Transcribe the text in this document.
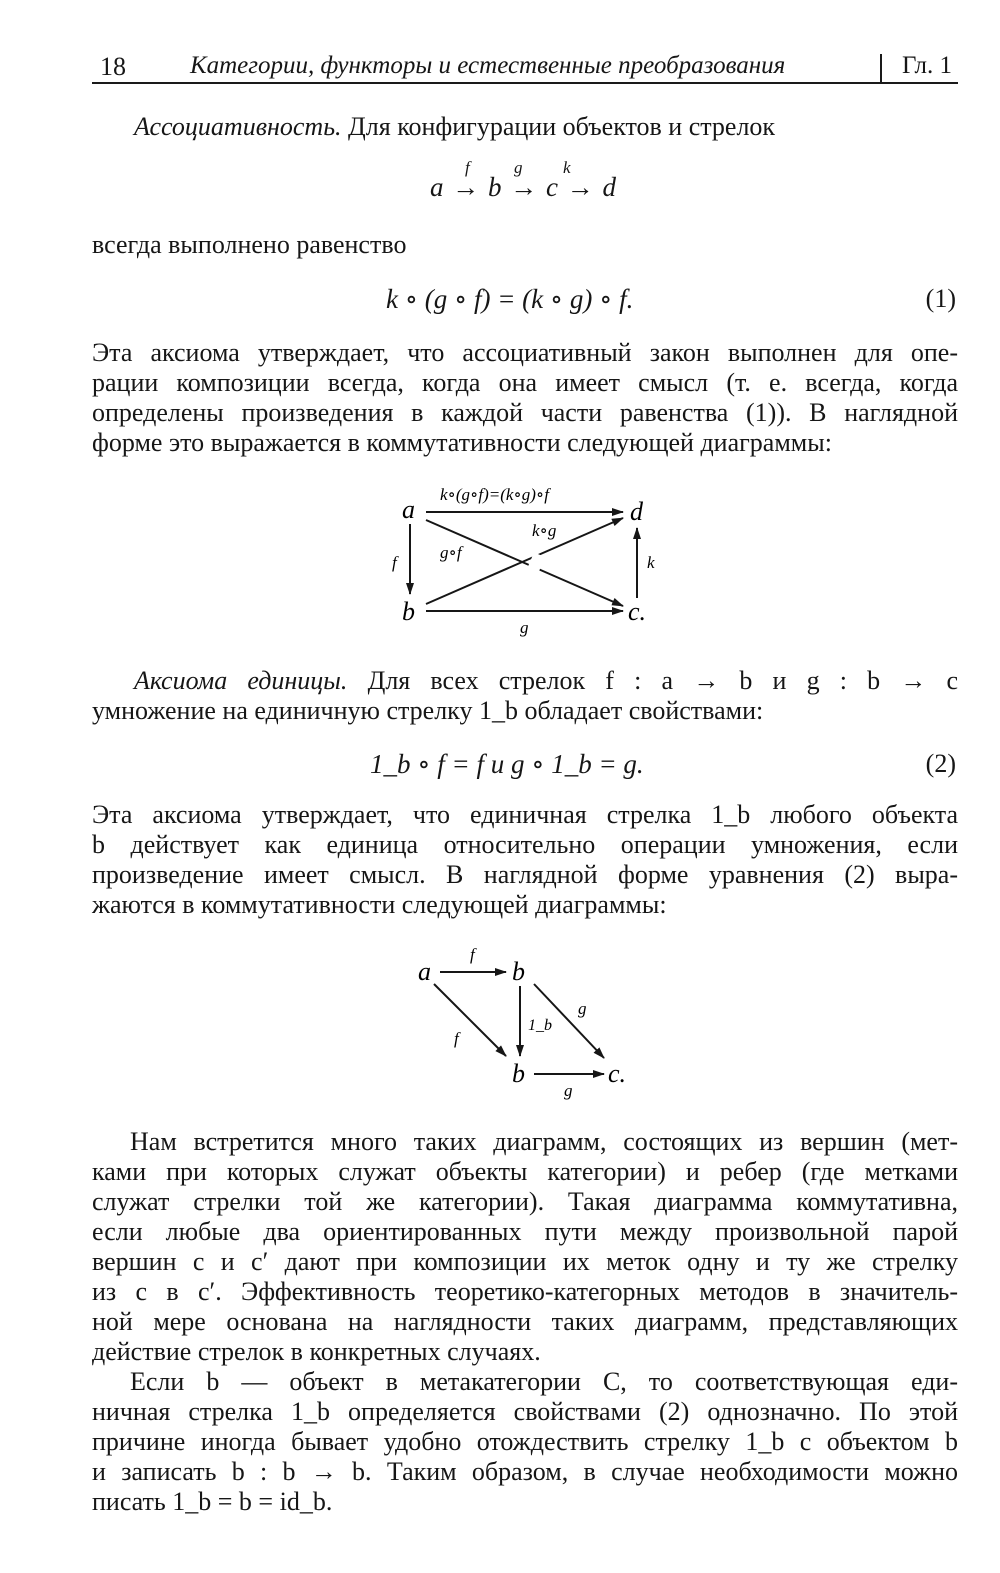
18	Категории, функторы и естественные преобразования	Гл. 1
Ассоциативность. Для конфигурации объектов и стрелок
a → b → c → d
f	g k
всегда выполнено равенство
k ∘ (g ∘ f) = (k ∘ g) ∘ f.	(1)
Эта аксиома утверждает, что ассоциативный закон выполнен для опе-
рации композиции всегда, когда она имеет смысл (т. е. всегда, когда
определены произведения в каждой части равенства (1)). В наглядной
форме это выражается в коммутативности следующей диаграммы:
a	d
b	c.
k∘(g∘f)=(k∘g)∘f
k∘g
g∘f
f	k
g
Аксиома единицы. Для всех стрелок f : a → b и g : b → c
умножение на единичную стрелку 1_b обладает свойствами:
1_b ∘ f = f и g ∘ 1_b = g.	(2)
Эта аксиома утверждает, что единичная стрелка 1_b любого объекта
b действует как единица относительно операции умножения, если
произведение имеет смысл. В наглядной форме уравнения (2) выра-
жаются в коммутативности следующей диаграммы:
a	b
b	c.
f
f
1_b
g
g
Нам встретится много таких диаграмм, состоящих из вершин (мет-
ками при которых служат объекты категории) и ребер (где метками
служат стрелки той же категории). Такая диаграмма коммутативна,
если любые два ориентированных пути между произвольной парой
вершин c и c′ дают при композиции их меток одну и ту же стрелку
из c в c′. Эффективность теоретико-категорных методов в значитель-
ной мере основана на наглядности таких диаграмм, представляющих
действие стрелок в конкретных случаях.
Если b — объект в метакатегории C, то соответствующая еди-
ничная стрелка 1_b определяется свойствами (2) однозначно. По этой
причине иногда бывает удобно отождествить стрелку 1_b с объектом b
и записать b : b → b. Таким образом, в случае необходимости можно
писать 1_b = b = id_b.
